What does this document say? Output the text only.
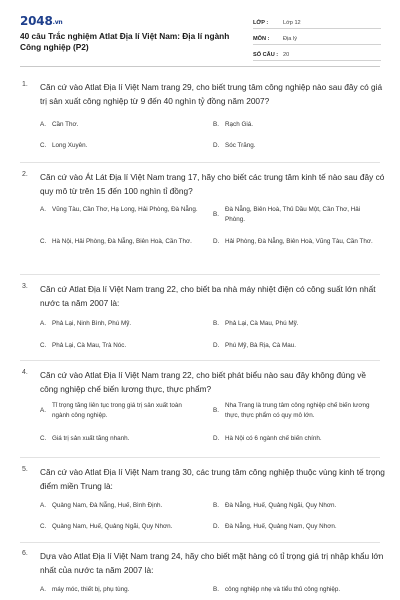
2048.vn
40 câu Trắc nghiệm Atlat Địa lí Việt Nam: Địa lí ngành Công nghiệp (P2)
LỚP :	Lớp 12
MÔN :	Địa lý
SỐ CÂU : 20
1. Căn cứ vào Atlat Địa lí Việt Nam trang 29, cho biết trung tâm công nghiệp nào sau đây có giá trị sản xuất công nghiệp từ 9 đến 40 nghìn tỷ đồng năm 2007?
A. Cần Thơ.	B. Rạch Giá.
C. Long Xuyên.	D. Sóc Trăng.
2. Căn cứ vào Át Lát Địa lí Việt Nam trang 17, hãy cho biết các trung tâm kinh tế nào sau đây có quy mô từ trên 15 đến 100 nghìn tỉ đồng?
A. Vũng Tàu, Cần Thơ, Hạ Long, Hải Phòng, Đà Nẵng.
B.
Đà Nẵng, Biên Hoà, Thủ Dầu Một, Cần Thơ, Hải Phòng.
C. Hà Nội, Hải Phòng, Đà Nẵng, Biên Hoà, Cần Thơ.	D. Hải Phòng, Đà Nẵng, Biên Hoà, Vũng Tàu, Cần Thơ.
3. Căn cứ Atlat Địa lí Việt Nam trang 22, cho biết ba nhà máy nhiệt điện có công suất lớn nhất nước ta năm 2007 là:
A. Phả Lại, Ninh Bình, Phú Mỹ.	B. Phả Lại, Cà Mau, Phú Mỹ.
C. Phả Lại, Cà Mau, Trà Nóc.	D. Phú Mỹ, Bà Rịa, Cà Mau.
4. Căn cứ vào Atlat Địa lí Việt Nam trang 22, cho biết phát biểu nào sau đây không đúng về công nghiệp chế biến lương thực, thực phẩm?
A.
Tỉ trọng tăng liên tục trong giá trị sản xuất toàn ngành công nghiệp.
B.
Nha Trang là trung tâm công nghiệp chế biến lương thực, thực phẩm có quy mô lớn.
C. Giá trị sản xuất tăng nhanh.	D. Hà Nội có 6 ngành chế biến chính.
5. Căn cứ vào Atlat Địa lí Việt Nam trang 30, các trung tâm công nghiệp thuộc vùng kinh tế trọng điểm miền Trung là:
A. Quảng Nam, Đà Nẵng, Huế, Bình Định.	B. Đà Nẵng, Huế, Quảng Ngãi, Quy Nhơn.
C. Quảng Nam, Huế, Quảng Ngãi, Quy Nhơn.	D. Đà Nẵng, Huế, Quảng Nam, Quy Nhơn.
6. Dựa vào Atlat Địa lí Việt Nam trang 24, hãy cho biết mặt hàng có tỉ trọng giá trị nhập khẩu lớn nhất của nước ta năm 2007 là:
A. máy móc, thiết bị, phụ tùng.	B. công nghiệp nhẹ và tiểu thủ công nghiệp.
